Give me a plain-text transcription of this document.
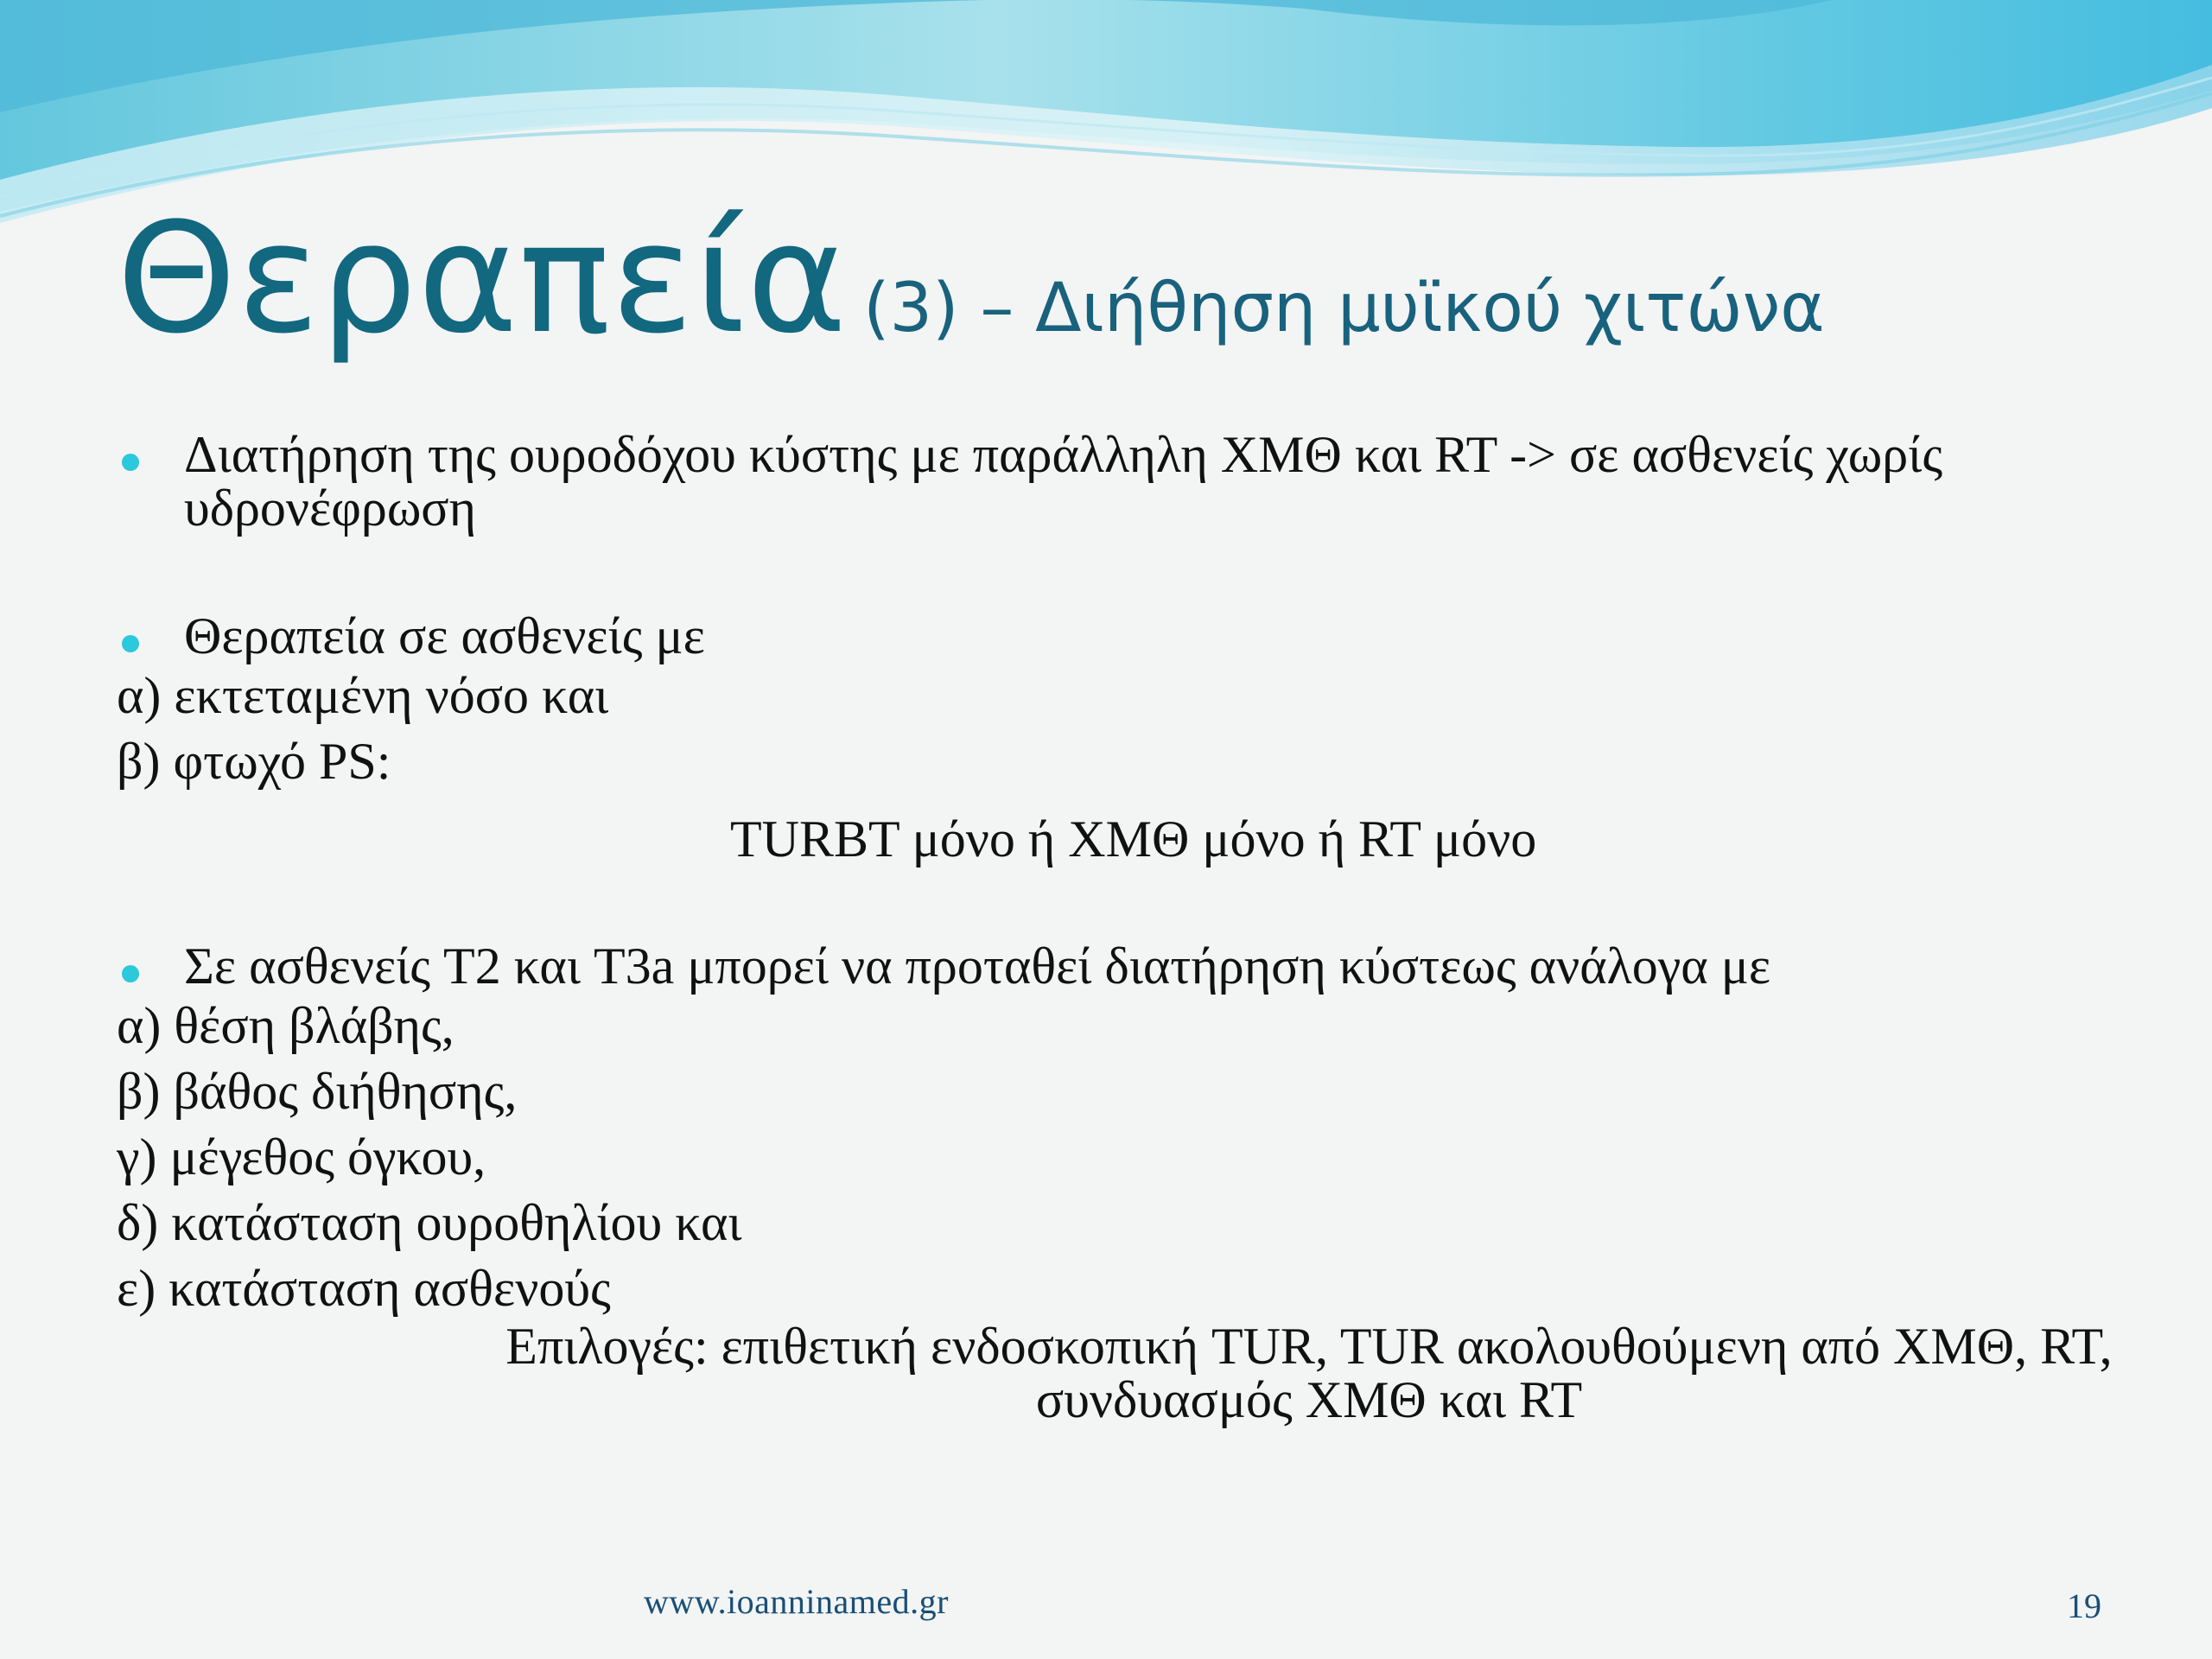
Θεραπεία (3) – Διήθηση μυϊκού χιτώνα
Διατήρηση της ουροδόχου κύστης με παράλληλη ΧΜΘ και RT -> σε ασθενείς χωρίς υδρονέφρωση
Θεραπεία σε ασθενείς με
α) εκτεταμένη νόσο και
β) φτωχό PS:
TURBT μόνο ή ΧΜΘ μόνο ή RT μόνο
Σε ασθενείς T2 και T3a μπορεί να προταθεί διατήρηση κύστεως ανάλογα με
α) θέση βλάβης,
β) βάθος διήθησης,
γ) μέγεθος όγκου,
δ) κατάσταση ουροθηλίου και
ε) κατάσταση ασθενούς
Επιλογές: επιθετική ενδοσκοπική TUR, TUR ακολουθούμενη από ΧΜΘ, RT, συνδυασμός ΧΜΘ και RT
www.ioanninamed.gr	19
